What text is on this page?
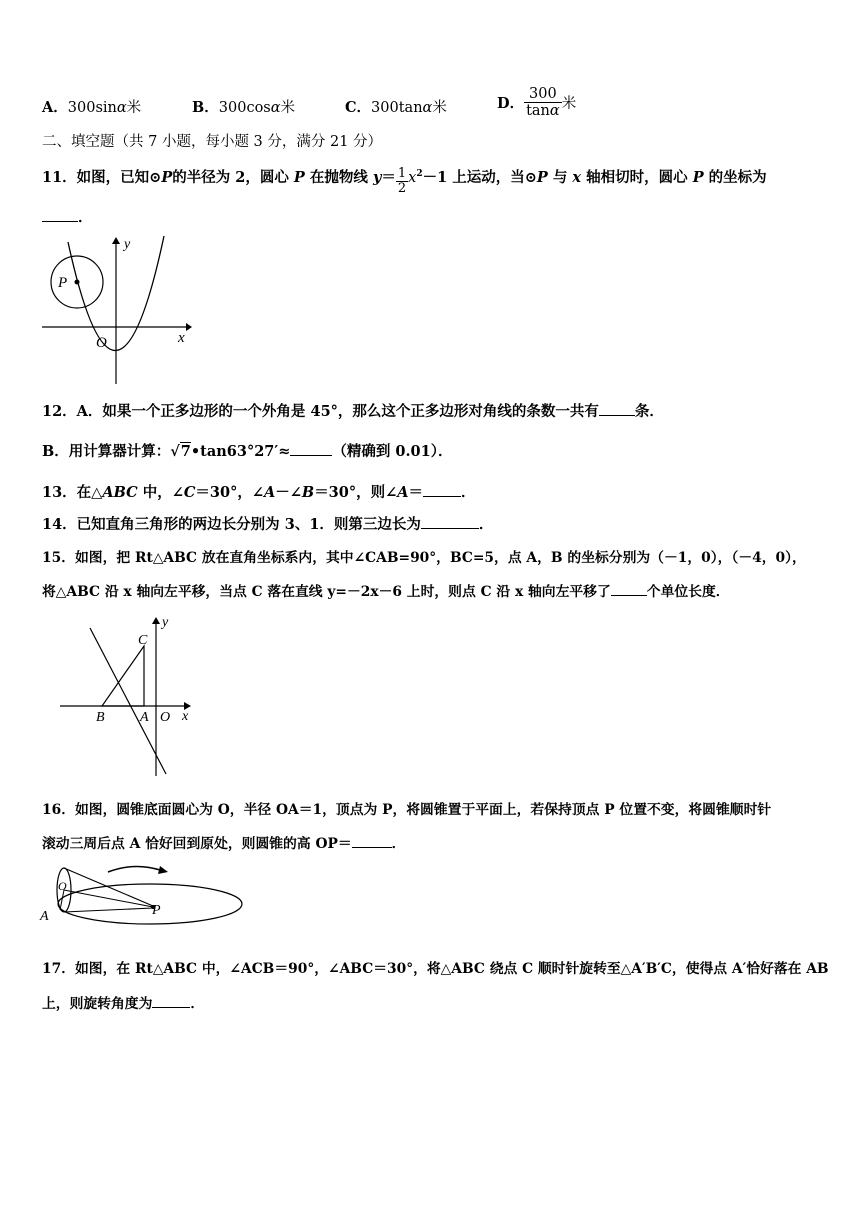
A．300sinα米	B．300cosα米	C．300tanα米	D． $\frac{300}{\tan\alpha}$ 米
二、填空题（共 7 小题，每小题 3 分，满分 21 分）
11．如图，已知⊙P的半径为 2，圆心 P 在抛物线 $y= \frac{1}{2} x^2-1$ 上运动，当⊙P 与 x 轴相切时，圆心 P 的坐标为
．
P
y
x
O
12．A．如果一个正多边形的一个外角是 45°，那么这个正多边形对角线的条数一共有 条．
B．用计算器计算：√7•tan63°27′≈	（精确到 0.01）．
13．在△ABC 中，∠C＝30°，∠A－∠B＝30°，则∠A＝	．
14．已知直角三角形的两边长分别为 3、1．则第三边长为	．
15．如图，把 Rt△ABC 放在直角坐标系内，其中∠CAB=90°，BC=5，点 A，B 的坐标分别为（－1，0），（－4，0），
将△ABC 沿 x 轴向左平移，当点 C 落在直线 y=－2x－6 上时，则点 C 沿 x 轴向左平移了	个单位长度．
y
x
O
A
B
C
16．如图，圆锥底面圆心为 O，半径 OA＝1，顶点为 P，将圆锥置于平面上，若保持顶点 P 位置不变，将圆锥顺时针
滚动三周后点 A 恰好回到原处，则圆锥的高 OP＝	．
O
A	P
17．如图，在 Rt△ABC 中，∠ACB＝90°，∠ABC＝30°，将△ABC 绕点 C 顺时针旋转至△A′B′C，使得点 A′恰好落在 AB
上，则旋转角度为	．
